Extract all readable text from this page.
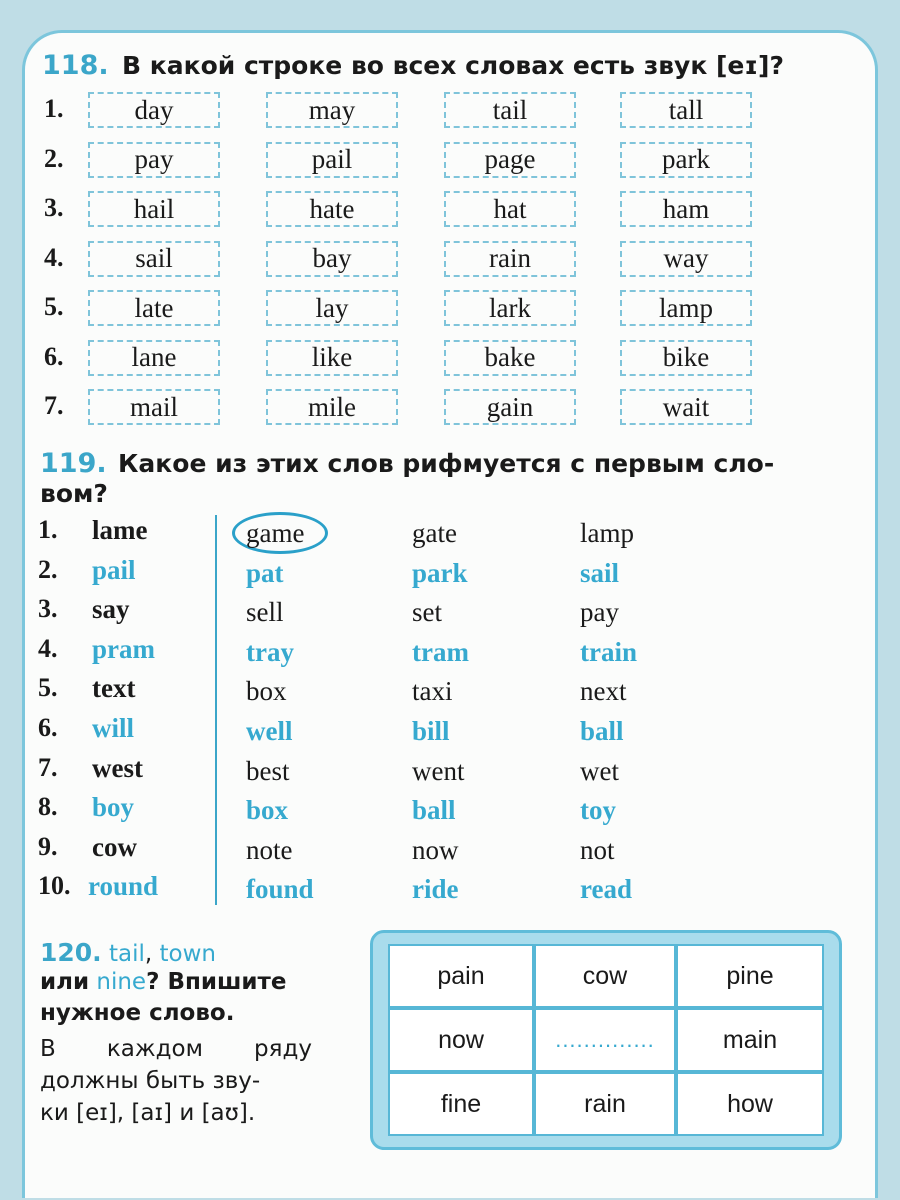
118. В какой строке во всех словах есть звук [eɪ]?
1.	day	may	tail	tall
2.	pay	pail	page	park
3.	hail	hate	hat	ham
4.	sail	bay	rain	way
5.	late	lay	lark	lamp
6.	lane	like	bake	bike
7.	mail	mile	gain	wait
119. Какое из этих слов рифмуется с первым сло-
вом?
1. lame	game	gate	lamp
2. pail	pat	park	sail
3. say	sell	set	pay
4. pram	tray	tram	train
5. text	box	taxi	next
6. will	well	bill	ball
7. west	best	went	wet
8. boy	box	ball	toy
9. cow	note	now	not
10. round	found	ride	read
120. tail, town
или nine? Впишите
нужное слово.
В каждом ряду
должны быть зву-
ки [eɪ], [aɪ] и [aʊ].
pain	cow	pine
now	..............	main
fine	rain	how
